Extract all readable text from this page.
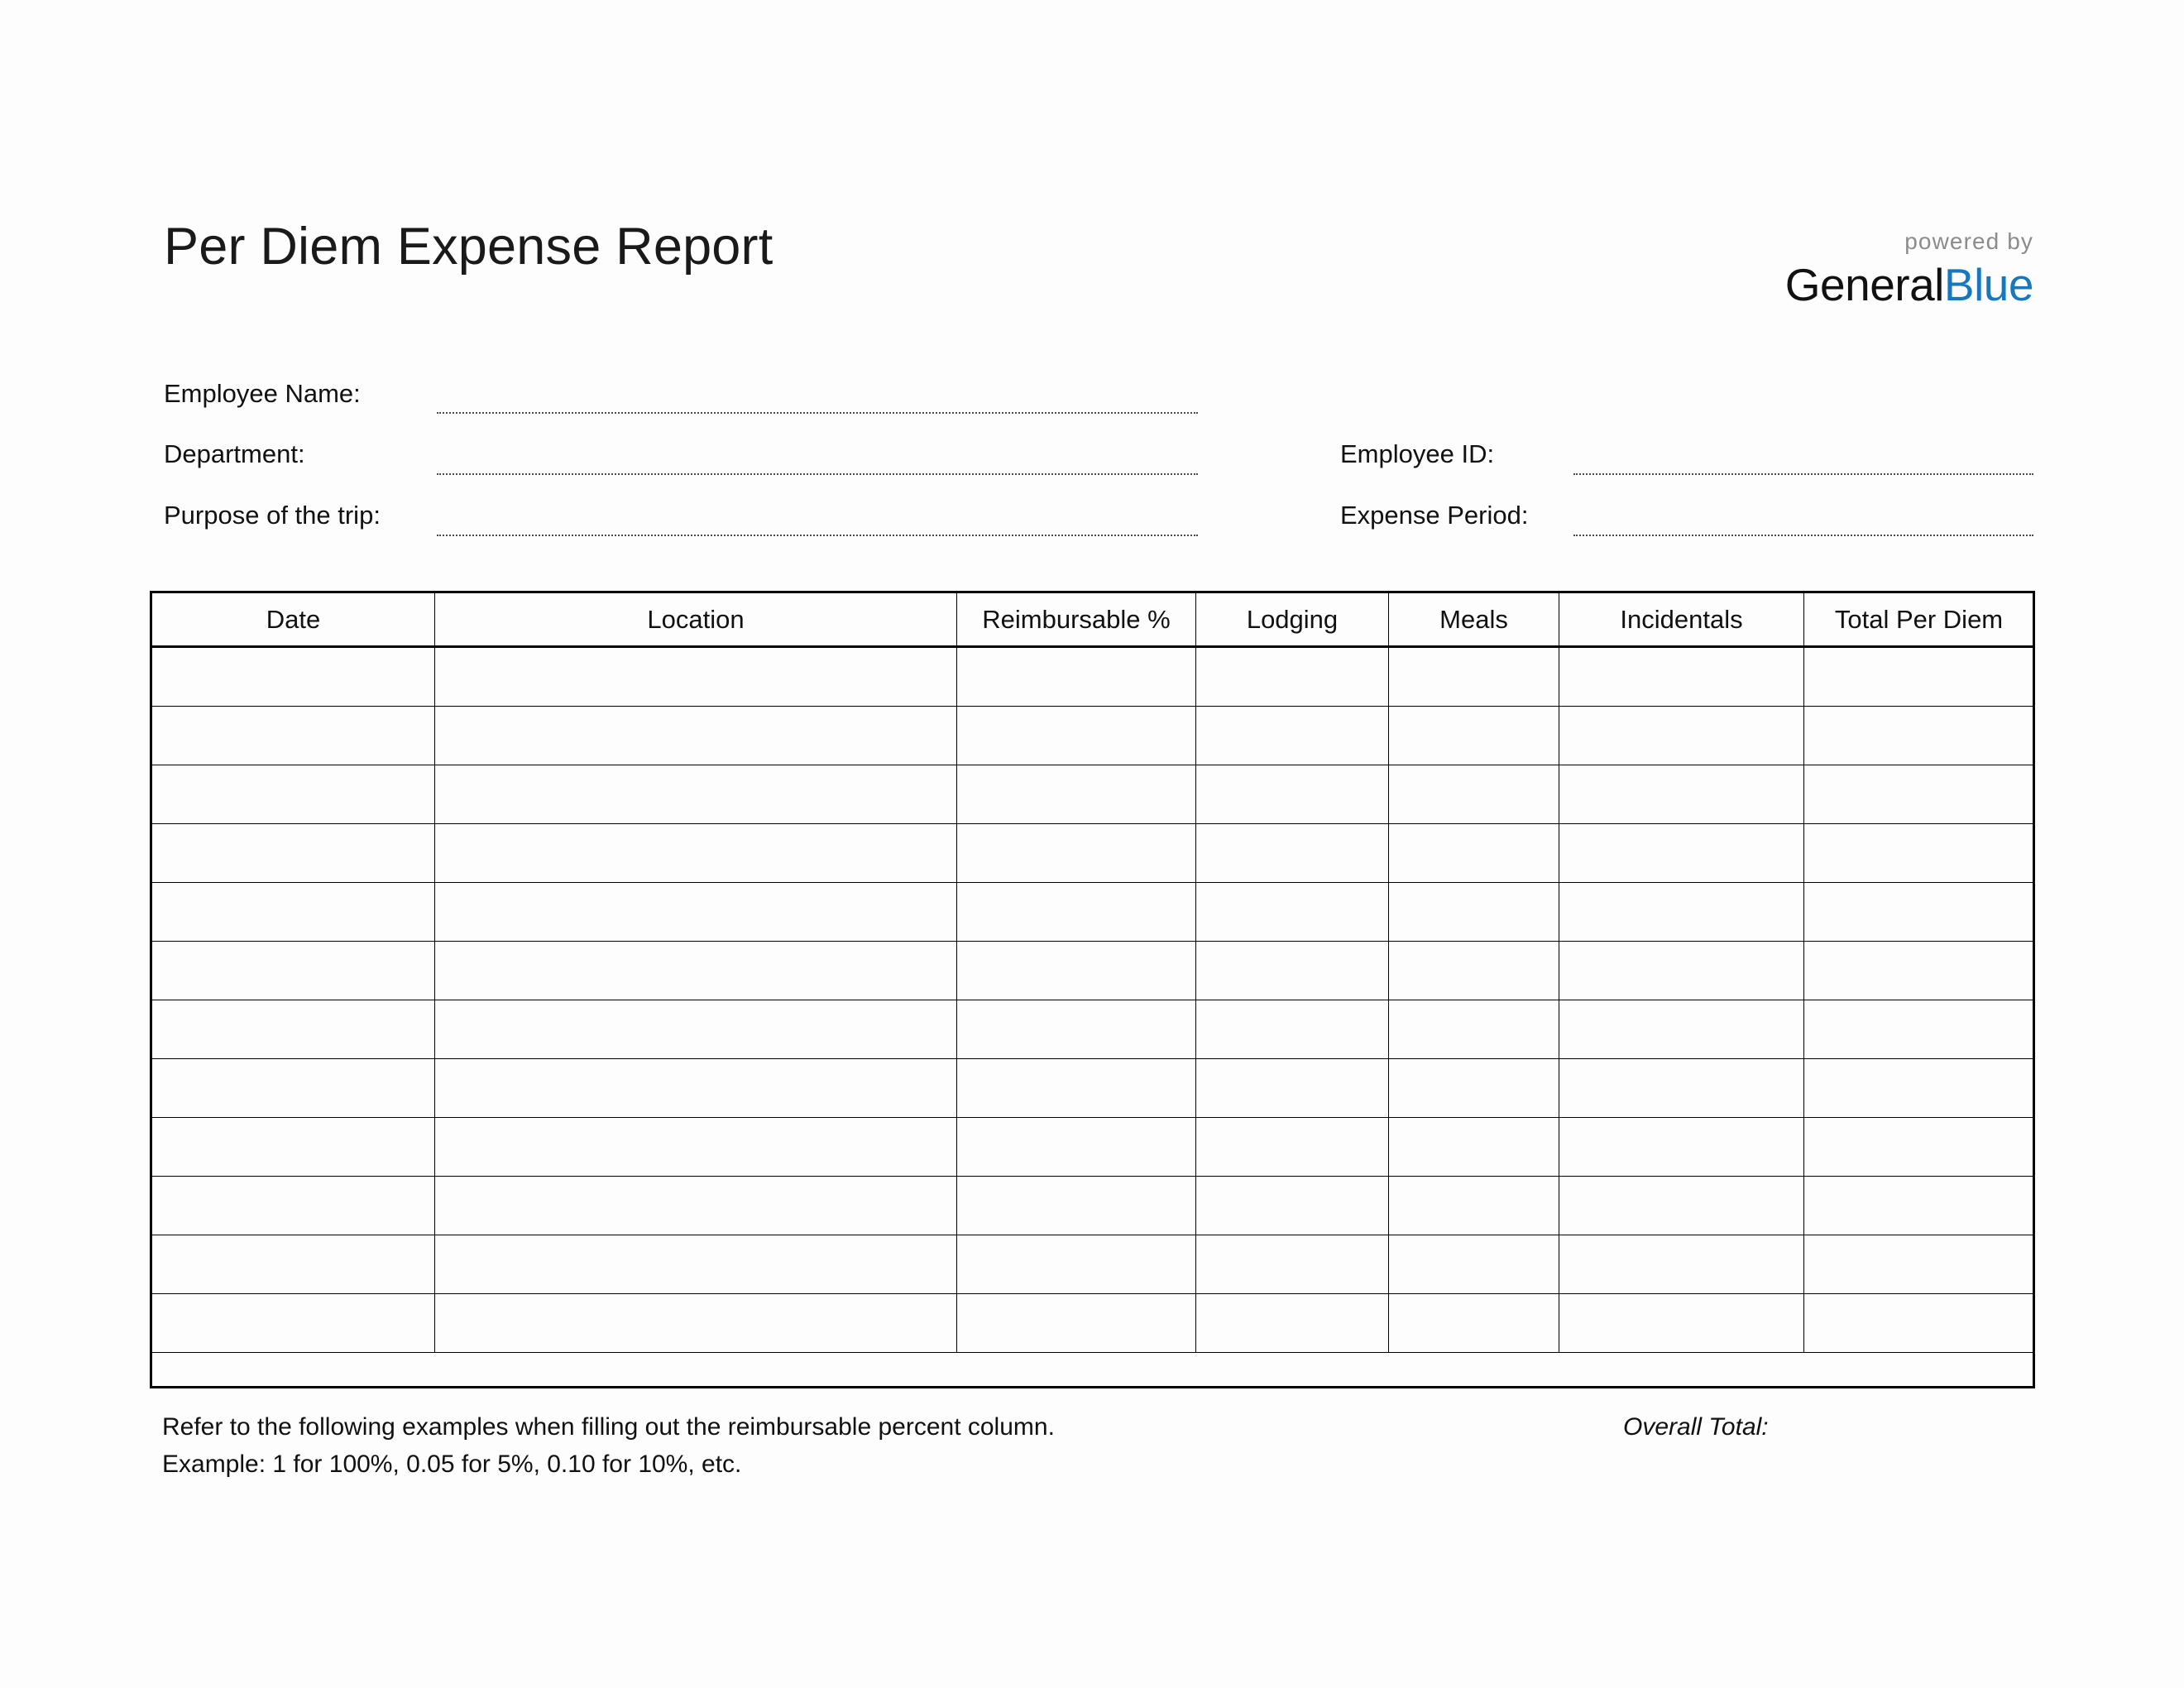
Per Diem Expense Report	powered by
GeneralBlue
Employee Name:
Department:
Purpose of the trip:
Employee ID:
Expense Period:
Date	Location	Reimbursable %	Lodging	Meals	Incidentals	Total Per Diem

Refer to the following examples when filling out the reimbursable percent column.
Example: 1 for 100%, 0.05 for 5%, 0.10 for 10%, etc.
Overall Total:
